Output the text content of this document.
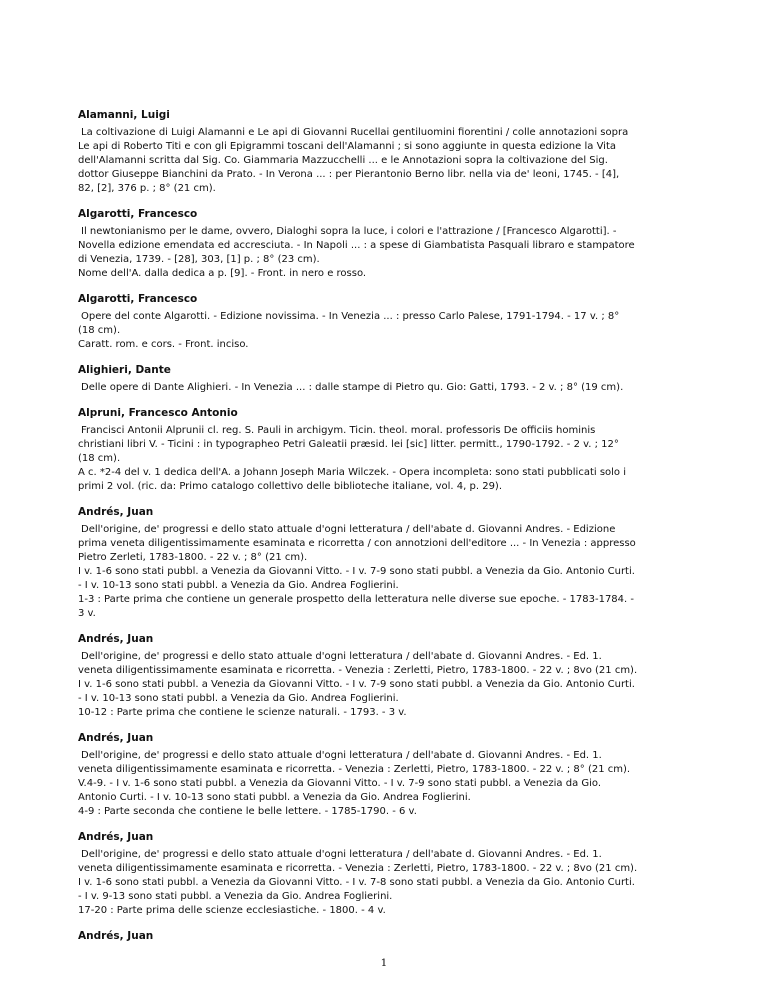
Alamanni, Luigi

La coltivazione di Luigi Alamanni e Le api di Giovanni Rucellai gentiluomini fiorentini / colle annotazioni sopra Le api di Roberto Titi e con gli Epigrammi toscani dell'Alamanni ; si sono aggiunte in questa edizione la Vita dell'Alamanni scritta dal Sig. Co. Giammaria Mazzucchelli ... e le Annotazioni sopra la coltivazione del Sig. dottor Giuseppe Bianchini da Prato. - In Verona ... : per Pierantonio Berno libr. nella via de' leoni, 1745. - [4], 82, [2], 376 p. ; 8° (21 cm).

Algarotti, Francesco

Il newtonianismo per le dame, ovvero, Dialoghi sopra la luce, i colori e l'attrazione / [Francesco Algarotti]. - Novella edizione emendata ed accresciuta. - In Napoli ... : a spese di Giambatista Pasquali libraro e stampatore di Venezia, 1739. - [28], 303, [1] p. ; 8° (23 cm).

Nome dell'A. dalla dedica a p. [9]. - Front. in nero e rosso.

Algarotti, Francesco

Opere del conte Algarotti. - Edizione novissima. - In Venezia ... : presso Carlo Palese, 1791-1794. - 17 v. ; 8° (18 cm).

Caratt. rom. e cors. - Front. inciso.

Alighieri, Dante

Delle opere di Dante Alighieri. - In Venezia ... : dalle stampe di Pietro qu. Gio: Gatti, 1793. - 2 v. ; 8° (19 cm).

Alpruni, Francesco Antonio

Francisci Antonii Alprunii cl. reg. S. Pauli in archigym. Ticin. theol. moral. professoris De officiis hominis christiani libri V. - Ticini : in typographeo Petri Galeatii præsid. lei [sic] litter. permitt., 1790-1792. - 2 v. ; 12° (18 cm).

A c. *2-4 del v. 1 dedica dell'A. a Johann Joseph Maria Wilczek. - Opera incompleta: sono stati pubblicati solo i primi 2 vol. (ric. da: Primo catalogo collettivo delle biblioteche italiane, vol. 4, p. 29).

Andrés, Juan

Dell'origine, de' progressi e dello stato attuale d'ogni letteratura / dell'abate d. Giovanni Andres. - Edizione prima veneta diligentissimamente esaminata e ricorretta / con annotzioni dell'editore ... - In Venezia : appresso Pietro Zerleti, 1783-1800. - 22 v. ; 8° (21 cm).

I v. 1-6 sono stati pubbl. a Venezia da Giovanni Vitto. - I v. 7-9 sono stati pubbl. a Venezia da Gio. Antonio Curti. - I v. 10-13 sono stati pubbl. a Venezia da Gio. Andrea Foglierini.

1-3 : Parte prima che contiene un generale prospetto della letteratura nelle diverse sue epoche. - 1783-1784. - 3 v.

Andrés, Juan

Dell'origine, de' progressi e dello stato attuale d'ogni letteratura / dell'abate d. Giovanni Andres. - Ed. 1. veneta diligentissimamente esaminata e ricorretta. - Venezia : Zerletti, Pietro, 1783-1800. - 22 v. ; 8vo (21 cm).

I v. 1-6 sono stati pubbl. a Venezia da Giovanni Vitto. - I v. 7-9 sono stati pubbl. a Venezia da Gio. Antonio Curti. - I v. 10-13 sono stati pubbl. a Venezia da Gio. Andrea Foglierini.

10-12 : Parte prima che contiene le scienze naturali. - 1793. - 3 v.

Andrés, Juan

Dell'origine, de' progressi e dello stato attuale d'ogni letteratura / dell'abate d. Giovanni Andres. - Ed. 1. veneta diligentissimamente esaminata e ricorretta. - Venezia : Zerletti, Pietro, 1783-1800. - 22 v. ; 8° (21 cm).

V.4-9. - I v. 1-6 sono stati pubbl. a Venezia da Giovanni Vitto. - I v. 7-9 sono stati pubbl. a Venezia da Gio. Antonio Curti. - I v. 10-13 sono stati pubbl. a Venezia da Gio. Andrea Foglierini.

4-9 : Parte seconda che contiene le belle lettere. - 1785-1790. - 6 v.

Andrés, Juan

Dell'origine, de' progressi e dello stato attuale d'ogni letteratura / dell'abate d. Giovanni Andres. - Ed. 1. veneta diligentissimamente esaminata e ricorretta. - Venezia : Zerletti, Pietro, 1783-1800. - 22 v. ; 8vo (21 cm).

I v. 1-6 sono stati pubbl. a Venezia da Giovanni Vitto. - I v. 7-8 sono stati pubbl. a Venezia da Gio. Antonio Curti. - I v. 9-13 sono stati pubbl. a Venezia da Gio. Andrea Foglierini.

17-20 : Parte prima delle scienze ecclesiastiche. - 1800. - 4 v.

Andrés, Juan

1
